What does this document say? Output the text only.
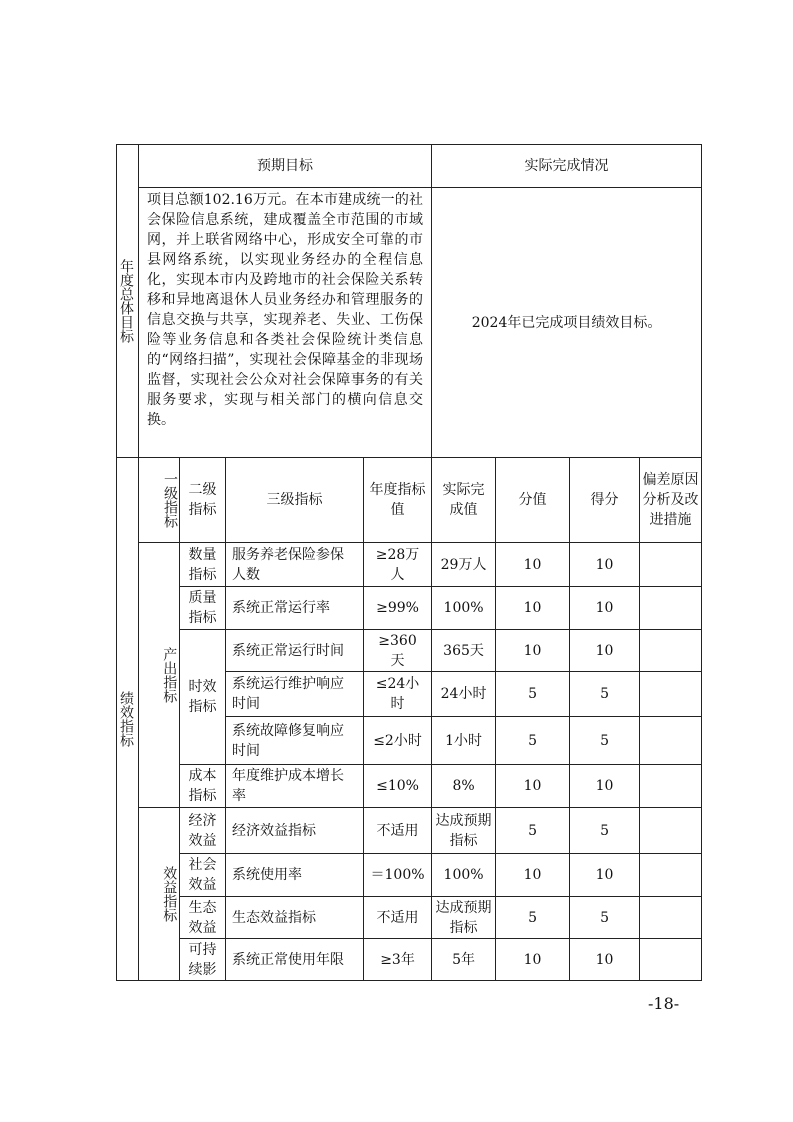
年度总体目标	预期目标					实际完成情况			

	项目总额102.16万元。在本市建成统一的社会保险信息系统，建成覆盖全市范围的市域网，并上联省网络中心，形成安全可靠的市县网络系统，以实现业务经办的全程信息化，实现本市内及跨地市的社会保险关系转移和异地离退休人员业务经办和管理服务的信息交换与共享，实现养老、失业、工伤保险等业务信息和各类社会保险统计类信息的“网络扫描”，实现社会保障基金的非现场监督，实现社会公众对社会保障事务的有关服务要求，实现与相关部门的横向信息交换。					2024年已完成项目绩效目标。			

绩效指标	一级指标		二级指标	三级指标	年度指标值	实际完成值	分值	得分	偏差原因分析及改进措施

		产出指标	数量指标	服务养老保险参保人数	≥28万人	29万人	10	10	

			质量指标	系统正常运行率	≥99%	100%	10	10	

			时效指标	系统正常运行时间	≥360天	365天	10	10	
				系统运行维护响应时间	≤24小时	24小时	5	5	
				系统故障修复响应时间	≤2小时	1小时	5	5	

			成本指标	年度维护成本增长率	≤10%	8%	10	10	

		效益指标	经济效益	经济效益指标	不适用	达成预期指标	5	5	

			社会效益	系统使用率	＝100%	100%	10	10	

			生态效益	生态效益指标	不适用	达成预期指标	5	5	

			可持续影	系统正常使用年限	≥3年	5年	10	10	
-18-
